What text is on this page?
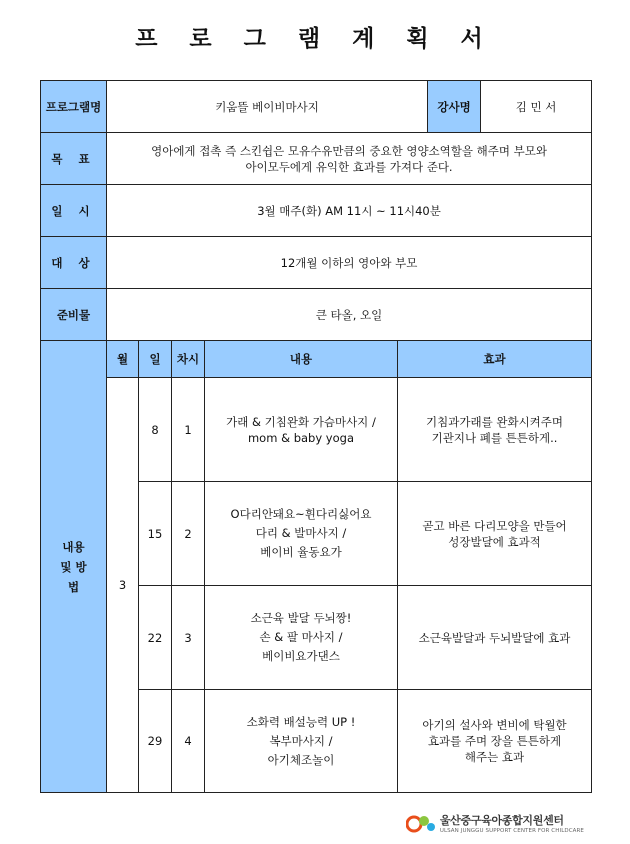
프 로 그 램 계 획 서
프로그램명	키움뜰 베이비마사지					강사명	김 민 서
목 표	영아에게 접촉 즉 스킨쉽은 모유수유만큼의 중요한 영양소역할을 해주며 부모와
아이모두에게 유익한 효과를 가져다 준다.						

일 시	3월 매주(화) AM 11시 ~ 11시40분						
대 상	12개월 이하의 영아와 부모						
준비물	큰 타올, 오일						

내용 및 방법	월	일	차시	내용	효과		
	3	8	1	가래 & 기침완화 가슴마사지 /
mom & baby yoga	기침과가래를 완화시켜주며
기관지나 폐를 튼튼하게..		

		15	2	O다리안돼요~휜다리싫어요
다리 & 발마사지 /
베이비 율동요가	곧고 바른 다리모양을 만들어
성장발달에 효과적		

		22	3	소근육 발달 두뇌짱!
손 & 팔 마사지 /
베이비요가댄스	소근육발달과 두뇌발달에 효과		

		29	4	소화력 배설능력 UP !
복부마사지 /
아기체조놀이	아기의 설사와 변비에 탁월한
효과를 주며 장을 튼튼하게
해주는 효과		
울산중구육아종합지원센터
ULSAN JUNGGU SUPPORT CENTER FOR CHILDCARE
